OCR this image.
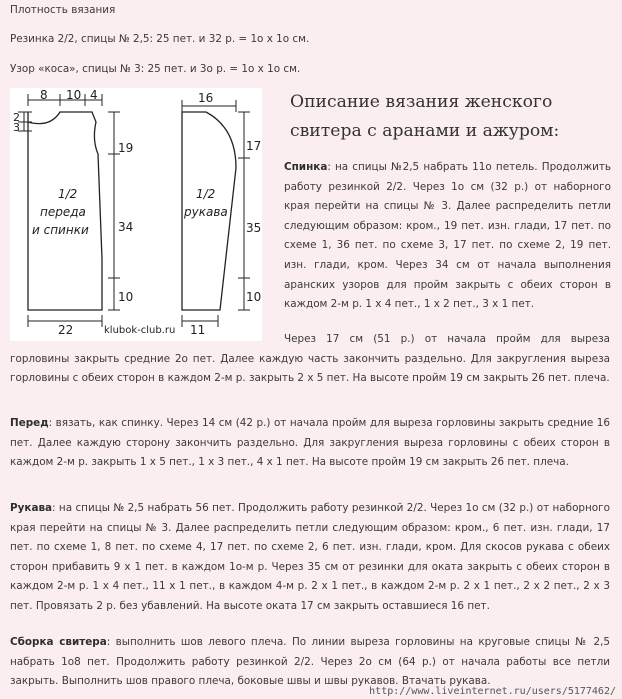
Плотность вязания
Резинка 2/2, спицы № 2,5: 25 пет. и 32 р. = 1о х 1о см.
Узор «коса», спицы № 3: 25 пет. и 3о р. = 1о х 1о см.
8 10 4
2
3
19
34
10
22
1/2
переда
и спинки
16
17
35
10
11
1/2
рукава
klubok-club.ru
Описание вязания женского свитера с аранами и ажуром:
Спинка: на спицы №2,5 набрать 11о петель. Продолжить работу резинкой 2/2. Через 1о см (32 р.) от наборного края перейти на спицы № 3. Далее распределить петли следующим образом: кром., 19 пет. изн. глади, 17 пет. по схеме 1, 36 пет. по схеме 3, 17 пет. по схеме 2, 19 пет. изн. глади, кром. Через 34 см от начала выполнения аранских узоров для пройм закрыть с обеих сторон в каждом 2-м р. 1 х 4 пет., 1 х 2 пет., 3 х 1 пет.
Через 17 см (51 р.) от начала пройм для выреза горловины закрыть средние 2о пет. Далее каждую часть закончить раздельно. Для закругления выреза горловины с обеих сторон в каждом 2-м р. закрыть 2 х 5 пет. На высоте пройм 19 см закрыть 26 пет. плеча.
Перед: вязать, как спинку. Через 14 см (42 р.) от начала пройм для выреза горловины закрыть средние 16 пет. Далее каждую сторону закончить раздельно. Для закругления выреза горловины с обеих сторон в каждом 2-м р. закрыть 1 х 5 пет., 1 х 3 пет., 4 х 1 пет. На высоте пройм 19 см закрыть 26 пет. плеча.
Рукава: на спицы № 2,5 набрать 56 пет. Продолжить работу резинкой 2/2. Через 1о см (32 р.) от наборного края перейти на спицы № 3. Далее распределить петли следующим образом: кром., 6 пет. изн. глади, 17 пет. по схеме 1, 8 пет. по схеме 4, 17 пет. по схеме 2, 6 пет. изн. глади, кром. Для скосов рукава с обеих сторон прибавить 9 х 1 пет. в каждом 1о-м р. Через 35 см от резинки для оката закрыть с обеих сторон в каждом 2-м р. 1 х 4 пет., 11 х 1 пет., в каждом 4-м р. 2 х 1 пет., в каждом 2-м р. 2 х 1 пет., 2 х 2 пет., 2 х 3 пет. Провязать 2 р. без убавлений. На высоте оката 17 см закрыть оставшиеся 16 пет.
Сборка свитера: выполнить шов левого плеча. По линии выреза горловины на круговые спицы № 2,5 набрать 1о8 пет. Продолжить работу резинкой 2/2. Через 2о см (64 р.) от начала работы все петли закрыть. Выполнить шов правого плеча, боковые швы и швы рукавов. Втачать рукава.
http://www.liveinternet.ru/users/5177462/
